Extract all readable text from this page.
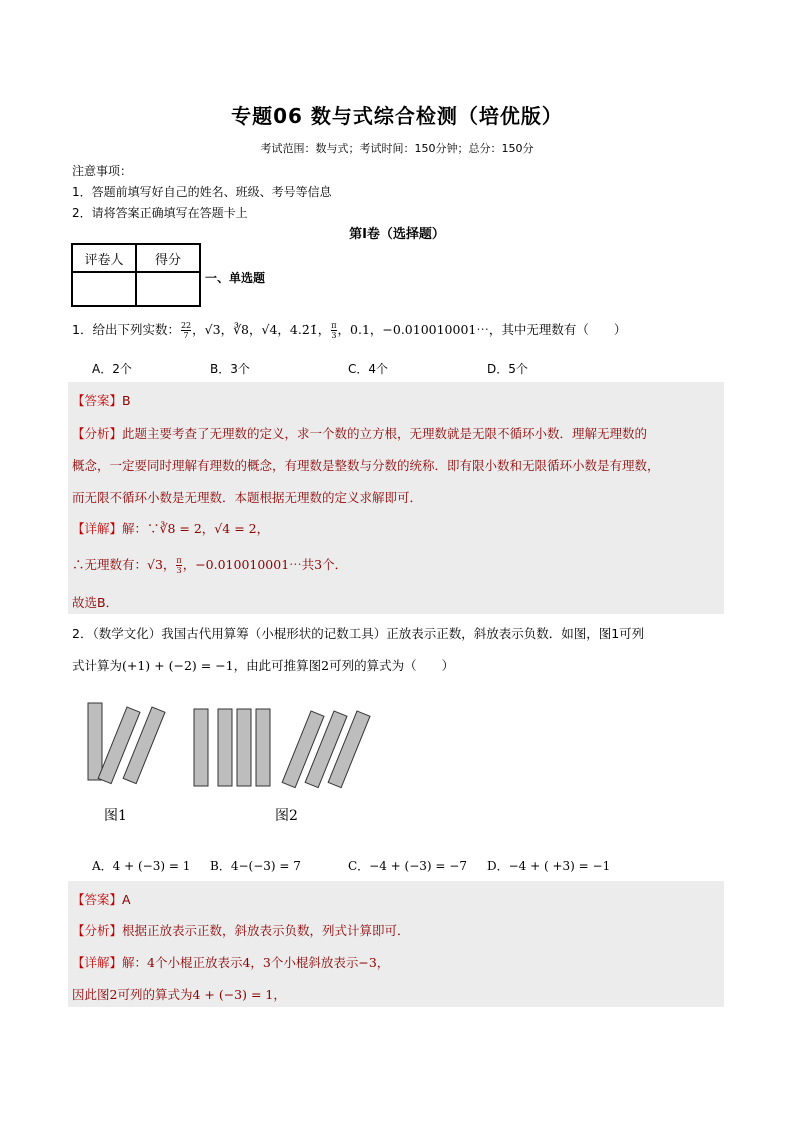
专题06 数与式综合检测（培优版）
考试范围：数与式；考试时间：150分钟；总分：150分
注意事项：
1．答题前填写好自己的姓名、班级、考号等信息
2．请将答案正确填写在答题卡上
第Ⅰ卷（选择题）
评卷人	得分

一、单选题
1．给出下列实数： $\frac{22}{7}$ ，√3，∛8，√4，4.2̇1̇， $\frac{\pi}{3}$ ，0.1，−0.010010001⋯，其中无理数有（　　）
A．2个	B．3个	C．4个	D．5个
【答案】B
【分析】此题主要考查了无理数的定义，求一个数的立方根，无理数就是无限不循环小数．理解无理数的
概念，一定要同时理解有理数的概念，有理数是整数与分数的统称．即有限小数和无限循环小数是有理数，
而无限不循环小数是无理数．本题根据无理数的定义求解即可．
【详解】解：∵∛8 = 2，√4 = 2，
∴无理数有：√3， $\frac{\pi}{3}$ ，−0.010010001⋯共3个．
故选B．
2．（数学文化）我国古代用算筹（小棍形状的记数工具）正放表示正数，斜放表示负数．如图，图1可列
式计算为(+1) + (−2) = −1，由此可推算图2可列的算式为（　　）
图1	图2
A．4 + (−3) = 1 B．4−(−3) = 7	C．−4 + (−3) = −7 D．−4 + ( +3) = −1
【答案】A
【分析】根据正放表示正数，斜放表示负数，列式计算即可．
【详解】解：4个小棍正放表示4，3个小棍斜放表示−3，
因此图2可列的算式为4 + (−3) = 1，
